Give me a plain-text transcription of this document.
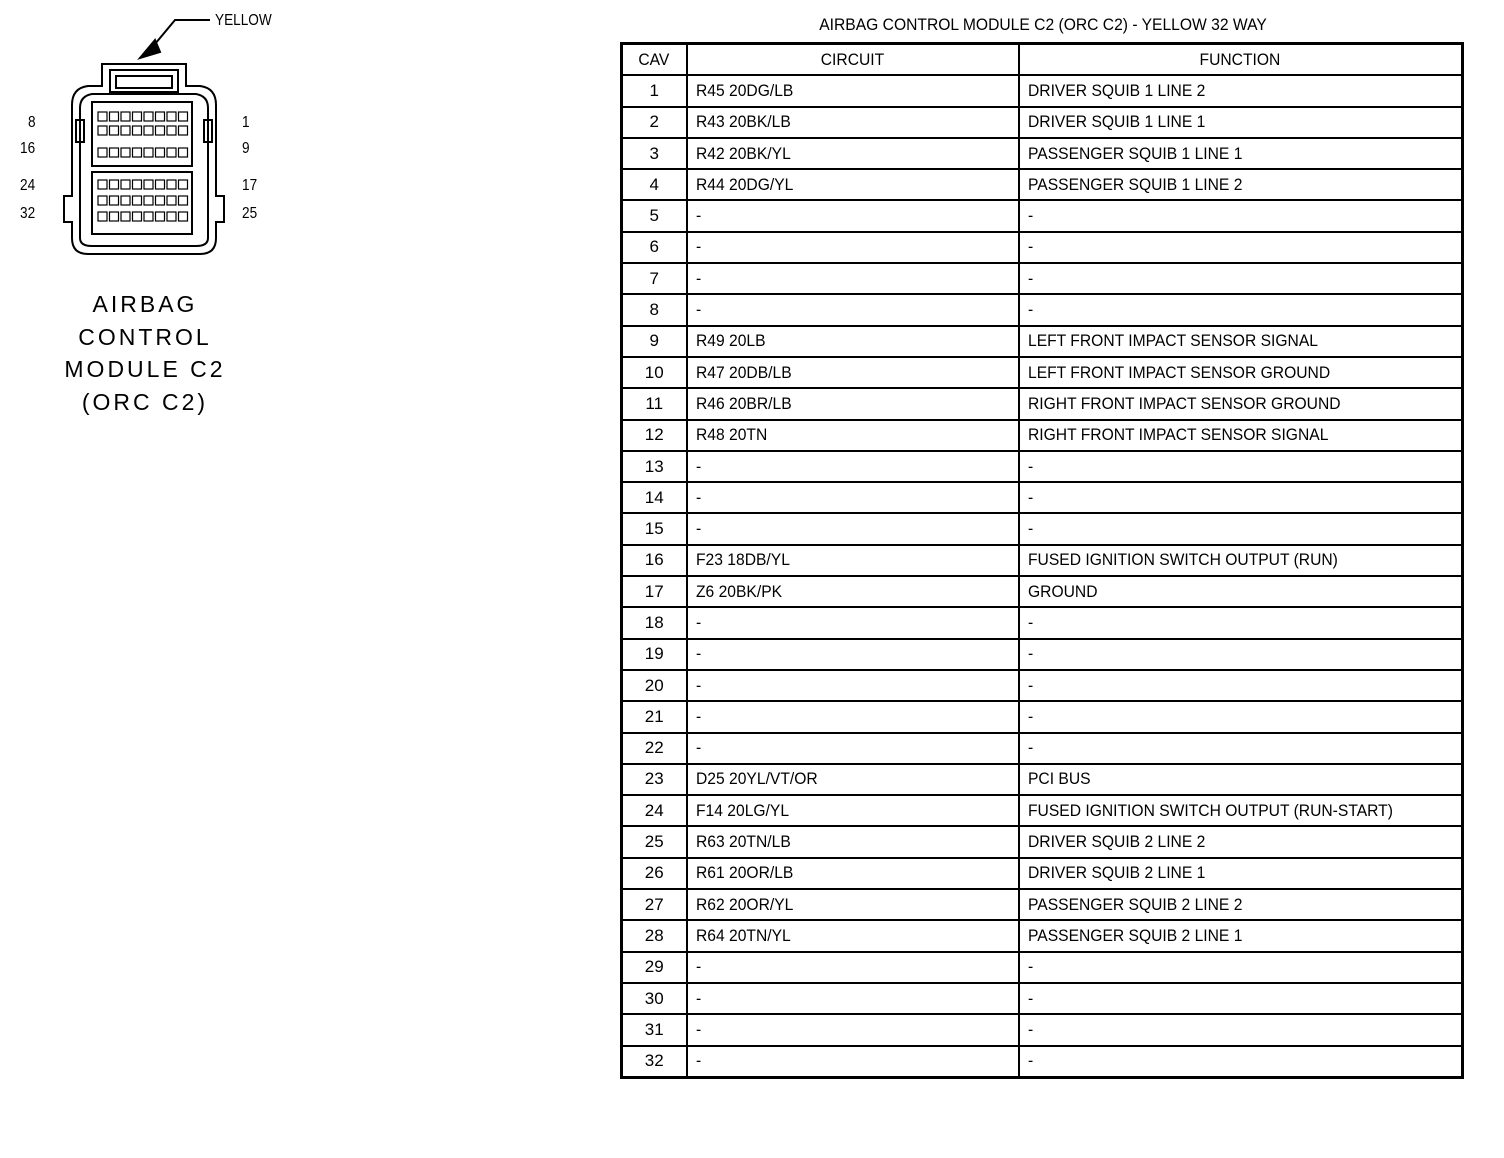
8
16
24
32
1
9
17
25
YELLOW
AIRBAG
CONTROL
MODULE C2
(ORC C2)
AIRBAG CONTROL MODULE C2 (ORC C2) - YELLOW 32 WAY
CAV	CIRCUIT	FUNCTION
1	R45 20DG/LB	DRIVER SQUIB 1 LINE 2
2	R43 20BK/LB	DRIVER SQUIB 1 LINE 1
3	R42 20BK/YL	PASSENGER SQUIB 1 LINE 1
4	R44 20DG/YL	PASSENGER SQUIB 1 LINE 2
5	-	-
6	-	-
7	-	-
8	-	-
9	R49 20LB	LEFT FRONT IMPACT SENSOR SIGNAL
10	R47 20DB/LB	LEFT FRONT IMPACT SENSOR GROUND
11	R46 20BR/LB	RIGHT FRONT IMPACT SENSOR GROUND
12	R48 20TN	RIGHT FRONT IMPACT SENSOR SIGNAL
13	-	-
14	-	-
15	-	-
16	F23 18DB/YL	FUSED IGNITION SWITCH OUTPUT (RUN)
17	Z6 20BK/PK	GROUND
18	-	-
19	-	-
20	-	-
21	-	-
22	-	-
23	D25 20YL/VT/OR	PCI BUS
24	F14 20LG/YL	FUSED IGNITION SWITCH OUTPUT (RUN-START)
25	R63 20TN/LB	DRIVER SQUIB 2 LINE 2
26	R61 20OR/LB	DRIVER SQUIB 2 LINE 1
27	R62 20OR/YL	PASSENGER SQUIB 2 LINE 2
28	R64 20TN/YL	PASSENGER SQUIB 2 LINE 1
29	-	-
30	-	-
31	-	-
32	-	-
